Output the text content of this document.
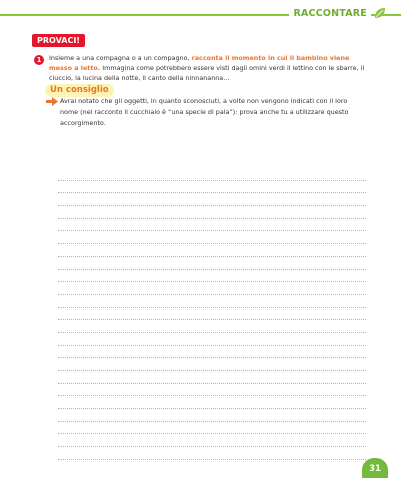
RACCONTARE
PROVACI!
1	Insieme a una compagna o a un compagno, racconta il momento in cui il bambino viene messo a letto. Immagina come potrebbero essere visti dagli omini verdi il lettino con le sbarre, il ciuccio, la lucina della notte, il canto della ninnananna…
Un consiglio
Avrai notato che gli oggetti, in quanto sconosciuti, a volte non vengono indicati con il loro nome (nel racconto il cucchiaio è “una specie di pala”): prova anche tu a utilizzare questo accorgimento.
31
